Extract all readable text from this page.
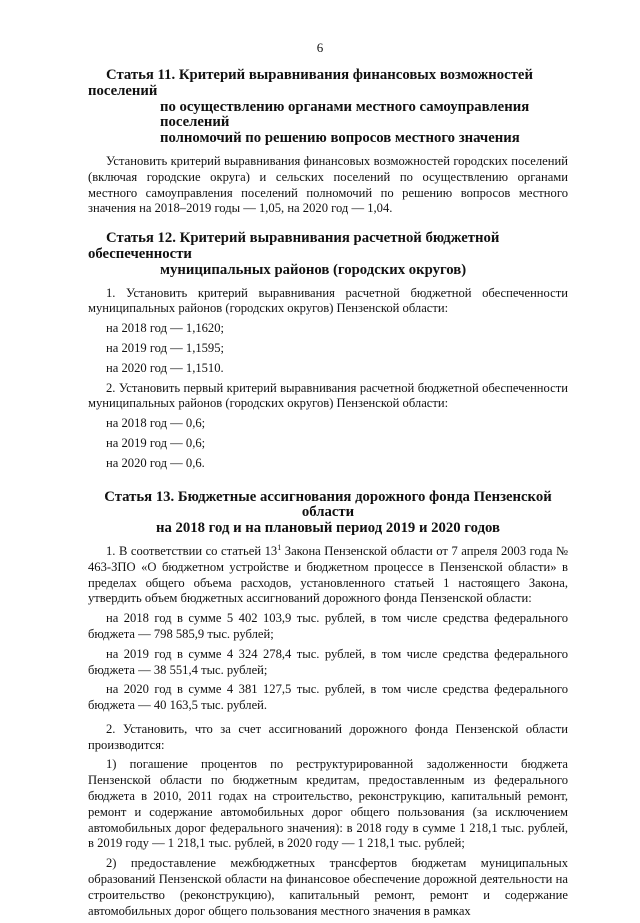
6
Статья 11. Критерий выравнивания финансовых возможностей поселений
по осуществлению органами местного самоуправления поселений
полномочий по решению вопросов местного значения

Установить критерий выравнивания финансовых возможностей городских поселений (включая городские округа) и сельских поселений по осуществлению органами местного самоуправления поселений полномочий по решению вопросов местного значения на 2018–2019 годы — 1,05, на 2020 год — 1,04.

Статья 12. Критерий выравнивания расчетной бюджетной обеспеченности
муниципальных районов (городских округов)

1. Установить критерий выравнивания расчетной бюджетной обеспеченности муниципальных районов (городских округов) Пензенской области:

на 2018 год — 1,1620;

на 2019 год — 1,1595;

на 2020 год — 1,1510.

2. Установить первый критерий выравнивания расчетной бюджетной обеспеченности муниципальных районов (городских округов) Пензенской области:

на 2018 год — 0,6;

на 2019 год — 0,6;

на 2020 год — 0,6.

Статья 13. Бюджетные ассигнования дорожного фонда Пензенской области
на 2018 год и на плановый период 2019 и 2020 годов

1. В соответствии со статьей $13^1$ Закона Пензенской области от 7 апреля 2003 года № 463-ЗПО «О бюджетном устройстве и бюджетном процессе в Пензенской области» в пределах общего объема расходов, установленного статьей 1 настоящего Закона, утвердить объем бюджетных ассигнований дорожного фонда Пензенской области:

на 2018 год в сумме 5 402 103,9 тыс. рублей, в том числе средства федерального бюджета — 798 585,9 тыс. рублей;

на 2019 год в сумме 4 324 278,4 тыс. рублей, в том числе средства федерального бюджета — 38 551,4 тыс. рублей;

на 2020 год в сумме 4 381 127,5 тыс. рублей, в том числе средства федерального бюджета — 40 163,5 тыс. рублей.

2. Установить, что за счет ассигнований дорожного фонда Пензенской области производится:

1) погашение процентов по реструктурированной задолженности бюджета Пензенской области по бюджетным кредитам, предоставленным из федерального бюджета в 2010, 2011 годах на строительство, реконструкцию, капитальный ремонт, ремонт и содержание автомобильных дорог общего пользования (за исключением автомобильных дорог федерального значения): в 2018 году в сумме 1 218,1 тыс. рублей, в 2019 году — 1 218,1 тыс. рублей, в 2020 году — 1 218,1 тыс. рублей;

2) предоставление межбюджетных трансфертов бюджетам муниципальных образований Пензенской области на финансовое обеспечение дорожной деятельности на строительство (реконструкцию), капитальный ремонт, ремонт и содержание автомобильных дорог общего пользования местного значения в рамках
